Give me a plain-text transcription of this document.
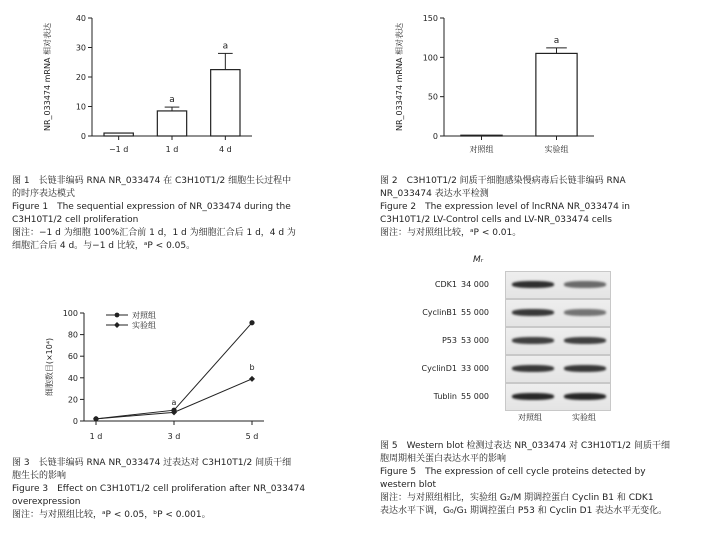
0
10
20
30
40
NR_033474 mRNA 相对表达
−1 d
a
1 d
a
4 d
0
50
100
150
NR_033474 mRNA 相对表达
对照组
a
实验组
0
20
40
60
80
100
细胞数目(×10⁴)
1 d	3 d	5 d
对照组
实验组
a
b
Mᵣ
CDK1 34 000
CyclinB1 55 000
P53 53 000
CyclinD1 33 000
Tublin 55 000
对照组	实验组
图 1　长链非编码 RNA NR_033474 在 C3H10T1/2 细胞生长过程中
的时序表达模式
Figure 1　The sequential expression of NR_033474 during the
C3H10T1/2 cell proliferation
图注：−1 d 为细胞 100%汇合前 1 d，1 d 为细胞汇合后 1 d，4 d 为
细胞汇合后 4 d。与−1 d 比较，ᵃP < 0.05。
图 2　C3H10T1/2 间质干细胞感染慢病毒后长链非编码 RNA
NR_033474 表达水平检测
Figure 2　The expression level of lncRNA NR_033474 in
C3H10T1/2 LV-Control cells and LV-NR_033474 cells
图注：与对照组比较，ᵃP < 0.01。
图 3　长链非编码 RNA NR_033474 过表达对 C3H10T1/2 间质干细
胞生长的影响
Figure 3　Effect on C3H10T1/2 cell proliferation after NR_033474
overexpression
图注：与对照组比较，ᵃP < 0.05，ᵇP < 0.001。
图 5　Western blot 检测过表达 NR_033474 对 C3H10T1/2 间质干细
胞周期相关蛋白表达水平的影响
Figure 5　The expression of cell cycle proteins detected by
western blot
图注：与对照组相比，实验组 G₂/M 期调控蛋白 Cyclin B1 和 CDK1
表达水平下调，G₀/G₁ 期调控蛋白 P53 和 Cyclin D1 表达水平无变化。
